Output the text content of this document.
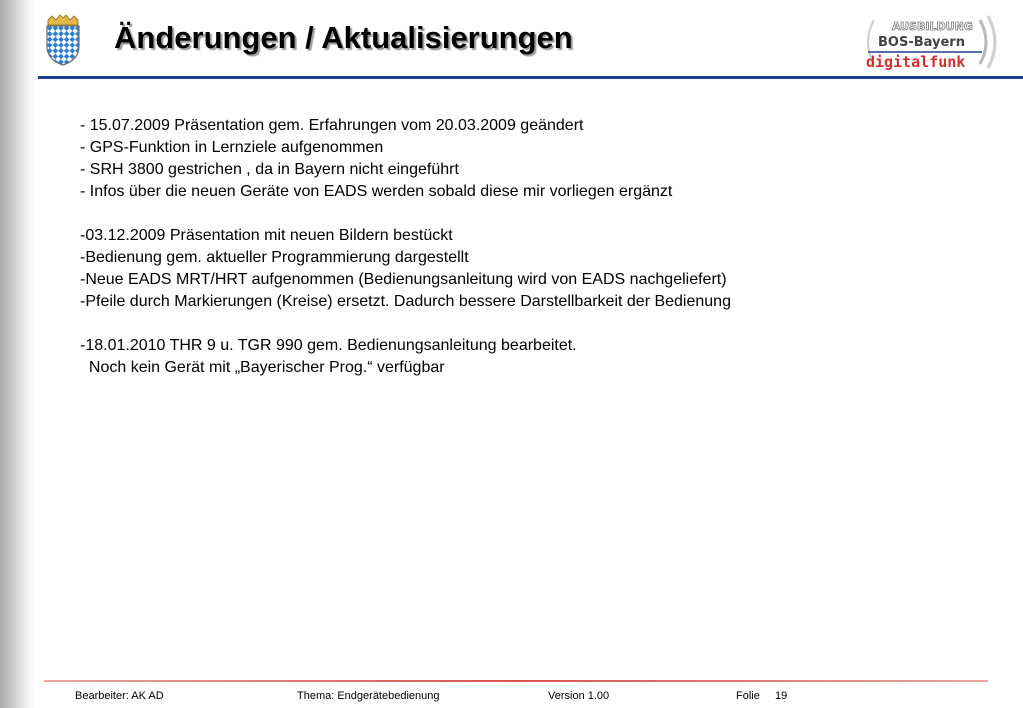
Änderungen / Aktualisierungen	AUSBILDUNG
BOS-Bayern
digitalfunk
- 15.07.2009 Präsentation gem. Erfahrungen vom 20.03.2009 geändert
- GPS-Funktion in Lernziele aufgenommen
- SRH 3800 gestrichen , da in Bayern nicht eingeführt
- Infos über die neuen Geräte von EADS werden sobald diese mir vorliegen ergänzt
-03.12.2009 Präsentation mit neuen Bildern bestückt
-Bedienung gem. aktueller Programmierung dargestellt
-Neue EADS MRT/HRT aufgenommen (Bedienungsanleitung wird von EADS nachgeliefert)
-Pfeile durch Markierungen (Kreise) ersetzt. Dadurch bessere Darstellbarkeit der Bedienung
-18.01.2010 THR 9 u. TGR 990 gem. Bedienungsanleitung bearbeitet.
Noch kein Gerät mit „Bayerischer Prog.“ verfügbar
Bearbeiter: AK AD	Thema: Endgerätebedienung	Version 1.00	Folie 19
